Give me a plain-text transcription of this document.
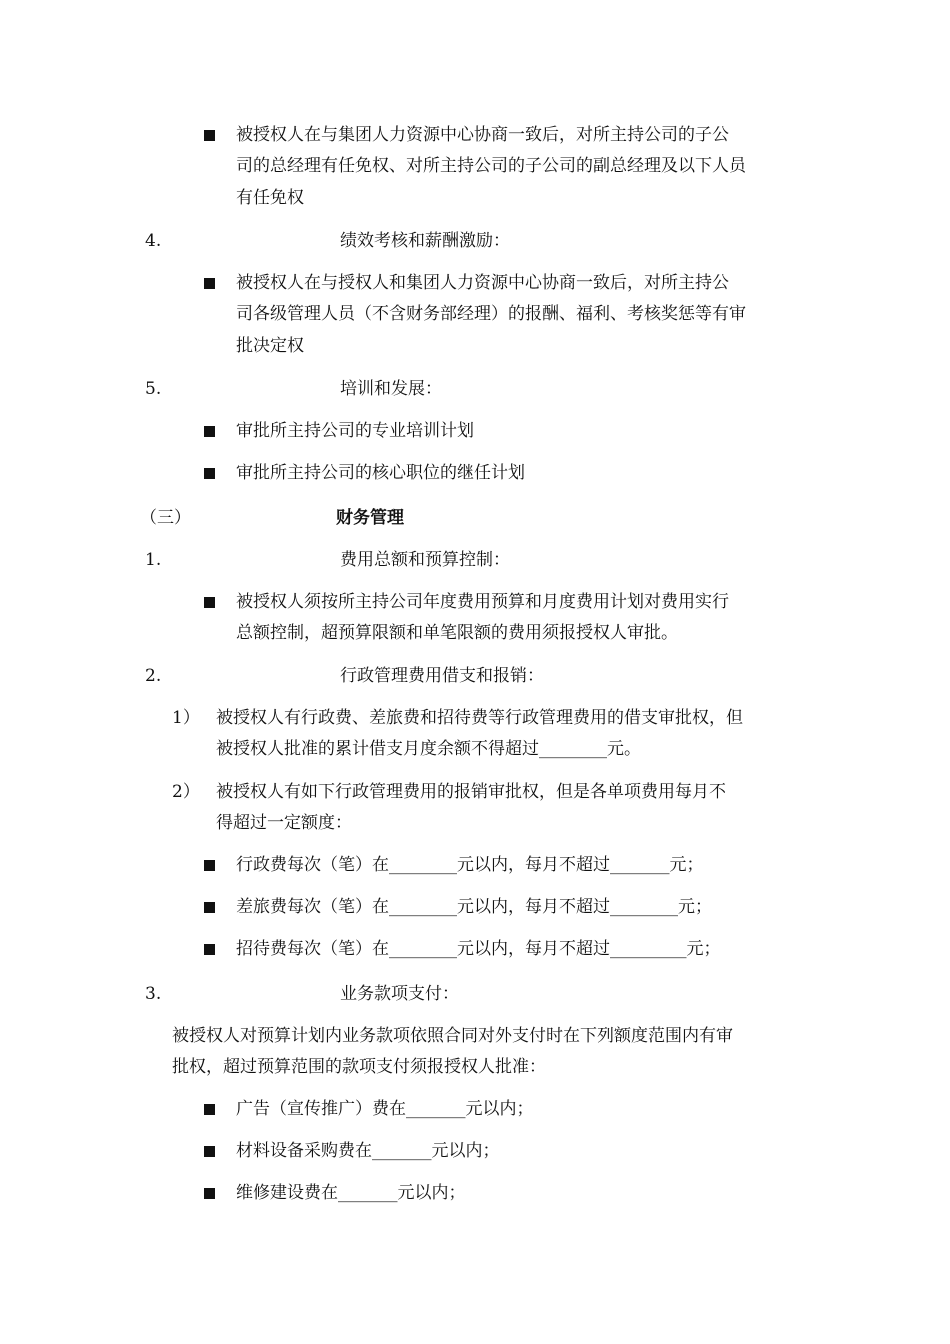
被授权人在与集团人力资源中心协商一致后，对所主持公司的子公
司的总经理有任免权、对所主持公司的子公司的副总经理及以下人员
有任免权
4.	绩效考核和薪酬激励：
被授权人在与授权人和集团人力资源中心协商一致后，对所主持公
司各级管理人员（不含财务部经理）的报酬、福利、考核奖惩等有审
批决定权
5.	培训和发展：
审批所主持公司的专业培训计划
审批所主持公司的核心职位的继任计划
（三）	财务管理
1.	费用总额和预算控制：
被授权人须按所主持公司年度费用预算和月度费用计划对费用实行
总额控制，超预算限额和单笔限额的费用须报授权人审批。
2.	行政管理费用借支和报销：
1） 被授权人有行政费、差旅费和招待费等行政管理费用的借支审批权，但
被授权人批准的累计借支月度余额不得超过________元。
2） 被授权人有如下行政管理费用的报销审批权，但是各单项费用每月不
得超过一定额度：
行政费每次（笔）在________元以内，每月不超过_______元；
差旅费每次（笔）在________元以内，每月不超过________元；
招待费每次（笔）在________元以内，每月不超过_________元；
3.	业务款项支付：
被授权人对预算计划内业务款项依照合同对外支付时在下列额度范围内有审
批权，超过预算范围的款项支付须报授权人批准：
广告（宣传推广）费在_______元以内；
材料设备采购费在_______元以内；
维修建设费在_______元以内；
